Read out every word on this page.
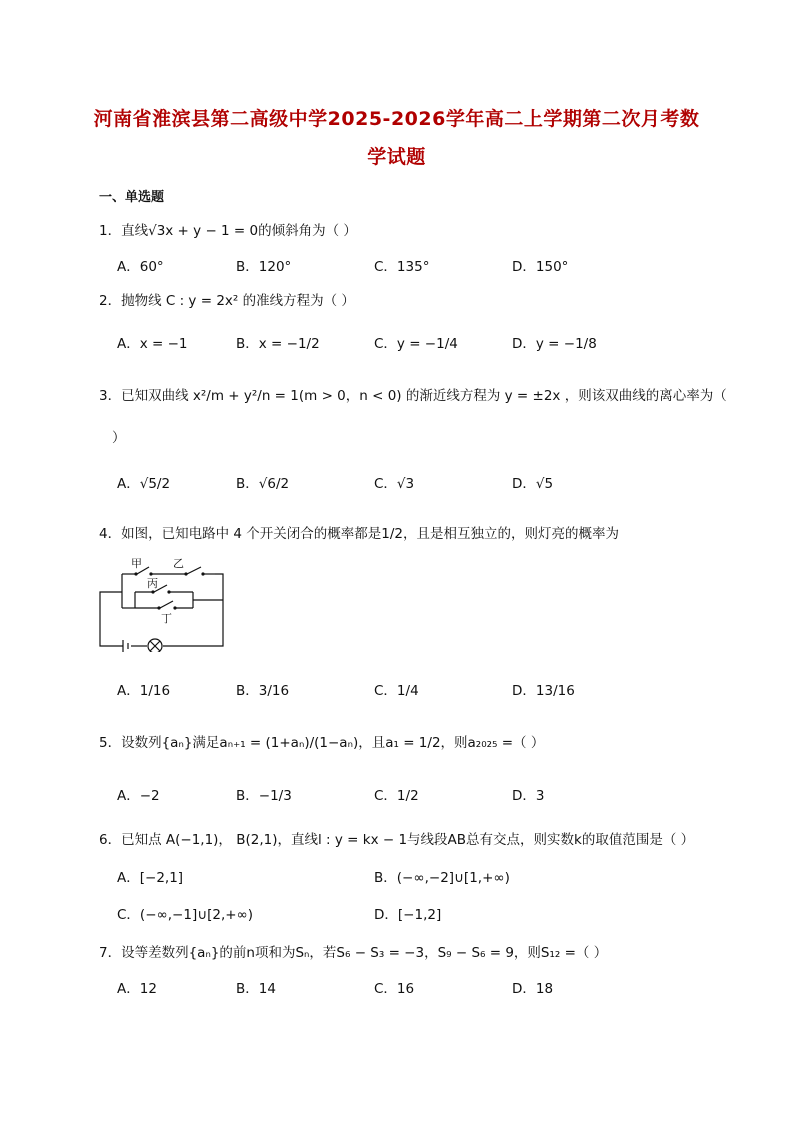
河南省淮滨县第二高级中学2025-2026学年高二上学期第二次月考数
学试题
一、单选题
1．直线√3x + y − 1 = 0的倾斜角为（ ）
A．60°	B．120°	C．135°	D．150°
2．抛物线 C : y = 2x² 的准线方程为（ ）
A．x = −1	B．x = −1/2	C．y = −1/4	D．y = −1/8
3．已知双曲线 x²/m + y²/n = 1(m > 0，n < 0) 的渐近线方程为 y = ±2x ，则该双曲线的离心率为（
）
A．√5/2	B．√6/2	C．√3	D．√5
4．如图，已知电路中 4 个开关闭合的概率都是1/2，且是相互独立的，则灯亮的概率为
甲	乙
丙
丁
A．1/16	B．3/16	C．1/4	D．13/16
5．设数列{aₙ}满足aₙ₊₁ = (1+aₙ)/(1−aₙ)，且a₁ = 1/2，则a₂₀₂₅ =（ ）
A．−2	B．−1/3	C．1/2	D．3
6．已知点 A(−1,1)， B(2,1)，直线l : y = kx − 1与线段AB总有交点，则实数k的取值范围是（ ）
A．[−2,1]	B．(−∞,−2]∪[1,+∞)
C．(−∞,−1]∪[2,+∞)	D．[−1,2]
7．设等差数列{aₙ}的前n项和为Sₙ，若S₆ − S₃ = −3，S₉ − S₆ = 9，则S₁₂ =（ ）
A．12	B．14	C．16	D．18
